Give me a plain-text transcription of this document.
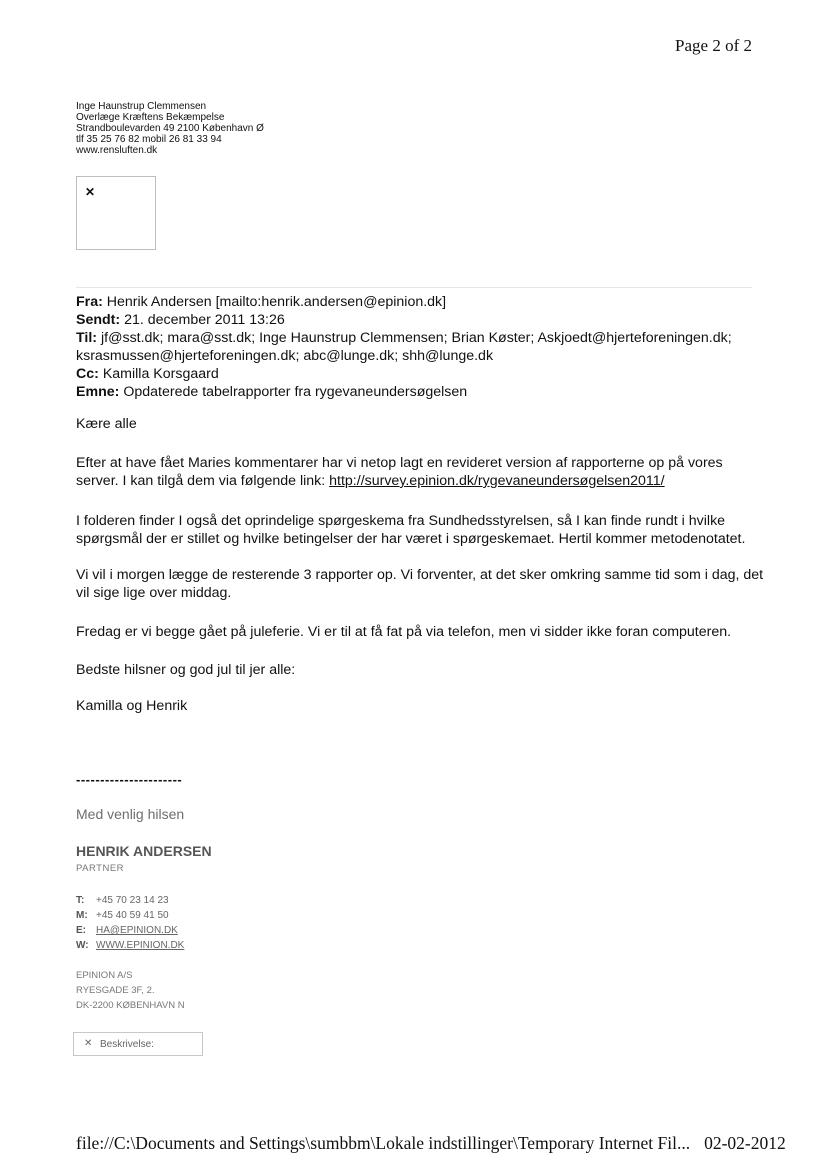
Page 2 of 2
Inge Haunstrup Clemmensen
Overlæge Kræftens Bekæmpelse
Strandboulevarden 49 2100 København Ø
tlf 35 25 76 82 mobil 26 81 33 94
www.rensluften.dk
✕
Fra: Henrik Andersen [mailto:henrik.andersen@epinion.dk]
Sendt: 21. december 2011 13:26
Til: jf@sst.dk; mara@sst.dk; Inge Haunstrup Clemmensen; Brian Køster; Askjoedt@hjerteforeningen.dk;
ksrasmussen@hjerteforeningen.dk; abc@lunge.dk; shh@lunge.dk
Cc: Kamilla Korsgaard
Emne: Opdaterede tabelrapporter fra rygevaneundersøgelsen
Kære alle

Efter at have fået Maries kommentarer har vi netop lagt en revideret version af rapporterne op på vores server. I kan tilgå dem via følgende link: http://survey.epinion.dk/rygevaneundersøgelsen2011/

I folderen finder I også det oprindelige spørgeskema fra Sundhedsstyrelsen, så I kan finde rundt i hvilke spørgsmål der er stillet og hvilke betingelser der har været i spørgeskemaet. Hertil kommer metodenotatet.
Vi vil i morgen lægge de resterende 3 rapporter op. Vi forventer, at det sker omkring samme tid som i dag, det vil sige lige over middag.
Fredag er vi begge gået på juleferie. Vi er til at få fat på via telefon, men vi sidder ikke foran computeren.
Bedste hilsner og god jul til jer alle:
Kamilla og Henrik
----------------------
Med venlig hilsen
HENRIK ANDERSEN
PARTNER
T: +45 70 23 14 23
M: +45 40 59 41 50
E: HA@EPINION.DK
W: WWW.EPINION.DK
EPINION A/S
RYESGADE 3F, 2.
DK-2200 KØBENHAVN N
✕ Beskrivelse:
file://C:\Documents and Settings\sumbbm\Lokale indstillinger\Temporary Internet Fil... 02-02-2012
